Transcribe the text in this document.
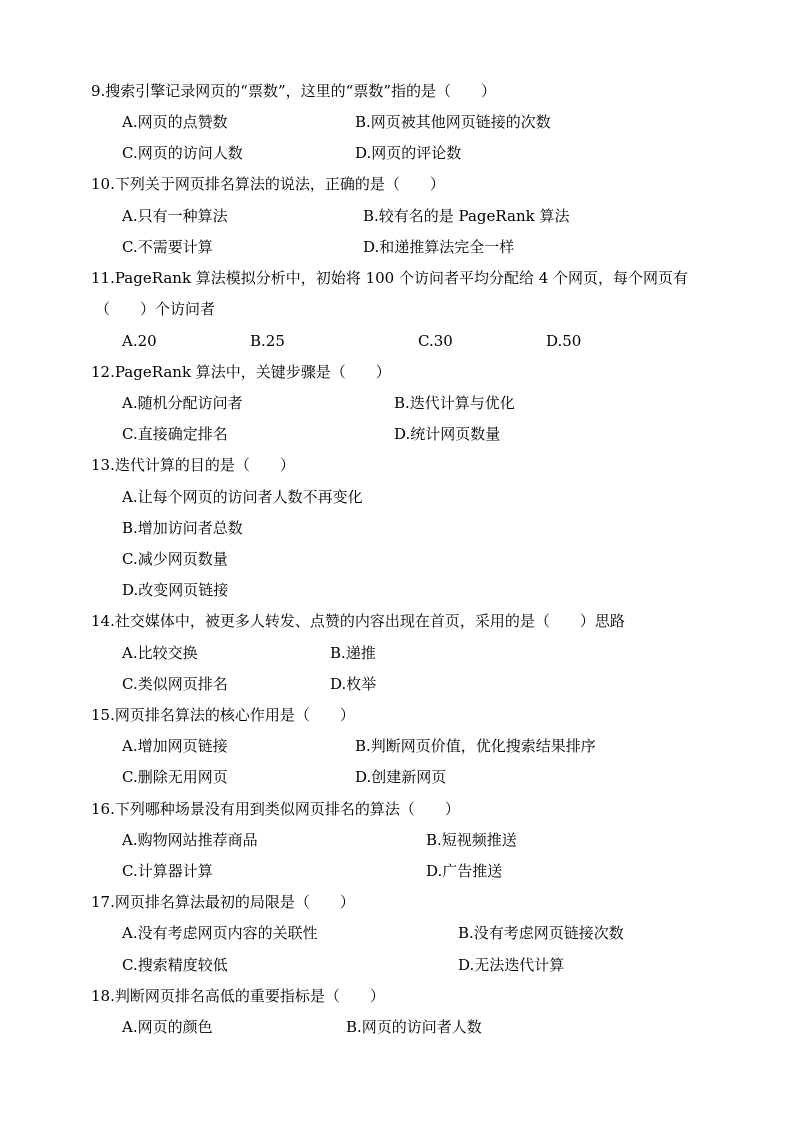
9.搜索引擎记录网页的“票数”，这里的“票数”指的是（　　）
A.网页的点赞数	B.网页被其他网页链接的次数
C.网页的访问人数	D.网页的评论数
10.下列关于网页排名算法的说法，正确的是（　　）
A.只有一种算法	B.较有名的是 PageRank 算法
C.不需要计算	D.和递推算法完全一样
11.PageRank 算法模拟分析中，初始将 100 个访问者平均分配给 4 个网页，每个网页有
（　　）个访问者
A.20	B.25	C.30	D.50
12.PageRank 算法中，关键步骤是（　　）
A.随机分配访问者	B.迭代计算与优化
C.直接确定排名	D.统计网页数量
13.迭代计算的目的是（　　）
A.让每个网页的访问者人数不再变化
B.增加访问者总数
C.减少网页数量
D.改变网页链接
14.社交媒体中，被更多人转发、点赞的内容出现在首页，采用的是（　　）思路
A.比较交换	B.递推
C.类似网页排名	D.枚举
15.网页排名算法的核心作用是（　　）
A.增加网页链接	B.判断网页价值，优化搜索结果排序
C.删除无用网页	D.创建新网页
16.下列哪种场景没有用到类似网页排名的算法（　　）
A.购物网站推荐商品	B.短视频推送
C.计算器计算	D.广告推送
17.网页排名算法最初的局限是（　　）
A.没有考虑网页内容的关联性	B.没有考虑网页链接次数
C.搜索精度较低	D.无法迭代计算
18.判断网页排名高低的重要指标是（　　）
A.网页的颜色	B.网页的访问者人数
